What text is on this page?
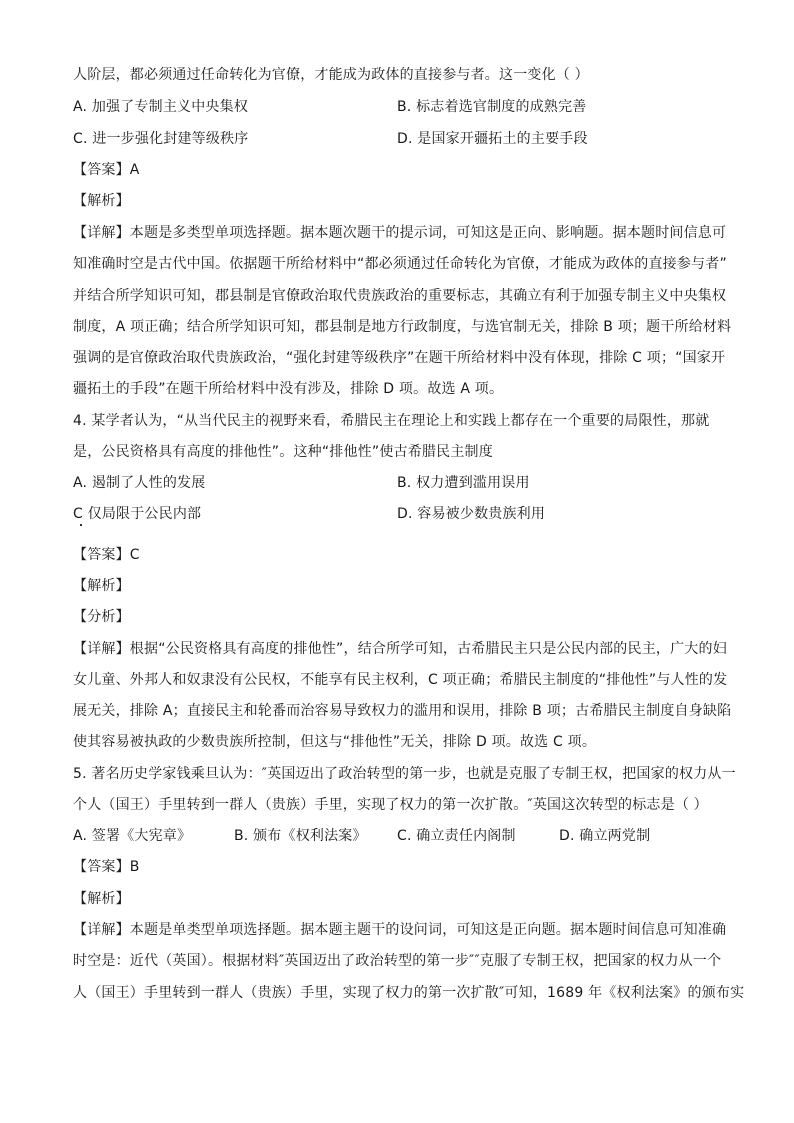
人阶层，都必须通过任命转化为官僚，才能成为政体的直接参与者。这一变化（ ）
A. 加强了专制主义中央集权	B. 标志着选官制度的成熟完善
C. 进一步强化封建等级秩序	D. 是国家开疆拓土的主要手段
【答案】A
【解析】
【详解】本题是多类型单项选择题。据本题次题干的提示词，可知这是正向、影响题。据本题时间信息可
知准确时空是古代中国。依据题干所给材料中“都必须通过任命转化为官僚，才能成为政体的直接参与者”
并结合所学知识可知，郡县制是官僚政治取代贵族政治的重要标志，其确立有利于加强专制主义中央集权
制度，A 项正确；结合所学知识可知，郡县制是地方行政制度，与选官制无关，排除 B 项；题干所给材料
强调的是官僚政治取代贵族政治，“强化封建等级秩序”在题干所给材料中没有体现，排除 C 项；“国家开
疆拓土的手段”在题干所给材料中没有涉及，排除 D 项。故选 A 项。
4. 某学者认为，“从当代民主的视野来看，希腊民主在理论上和实践上都存在一个重要的局限性，那就
是，公民资格具有高度的排他性”。这种“排他性”使古希腊民主制度
A. 遏制了人性的发展	B. 权力遭到滥用误用
C 仅局限于公民内部	D. 容易被少数贵族利用
【答案】C
【解析】
【分析】
【详解】根据“公民资格具有高度的排他性”，结合所学可知，古希腊民主只是公民内部的民主，广大的妇
女儿童、外邦人和奴隶没有公民权，不能享有民主权利，C 项正确；希腊民主制度的“排他性”与人性的发
展无关，排除 A；直接民主和轮番而治容易导致权力的滥用和误用，排除 B 项；古希腊民主制度自身缺陷
使其容易被执政的少数贵族所控制，但这与“排他性”无关，排除 D 项。故选 C 项。
5. 著名历史学家钱乘旦认为：″英国迈出了政治转型的第一步，也就是克服了专制王权，把国家的权力从一
个人（国王）手里转到一群人（贵族）手里，实现了权力的第一次扩散。″英国这次转型的标志是（ ）
A. 签署《大宪章》	B. 颁布《权利法案》 C. 确立责任内阁制	D. 确立两党制
【答案】B
【解析】
【详解】本题是单类型单项选择题。据本题主题干的设问词，可知这是正向题。据本题时间信息可知准确
时空是：近代（英国）。根据材料″英国迈出了政治转型的第一步″″克服了专制王权，把国家的权力从一个
人（国王）手里转到一群人（贵族）手里，实现了权力的第一次扩散″可知，1689 年《权利法案》的颁布实
